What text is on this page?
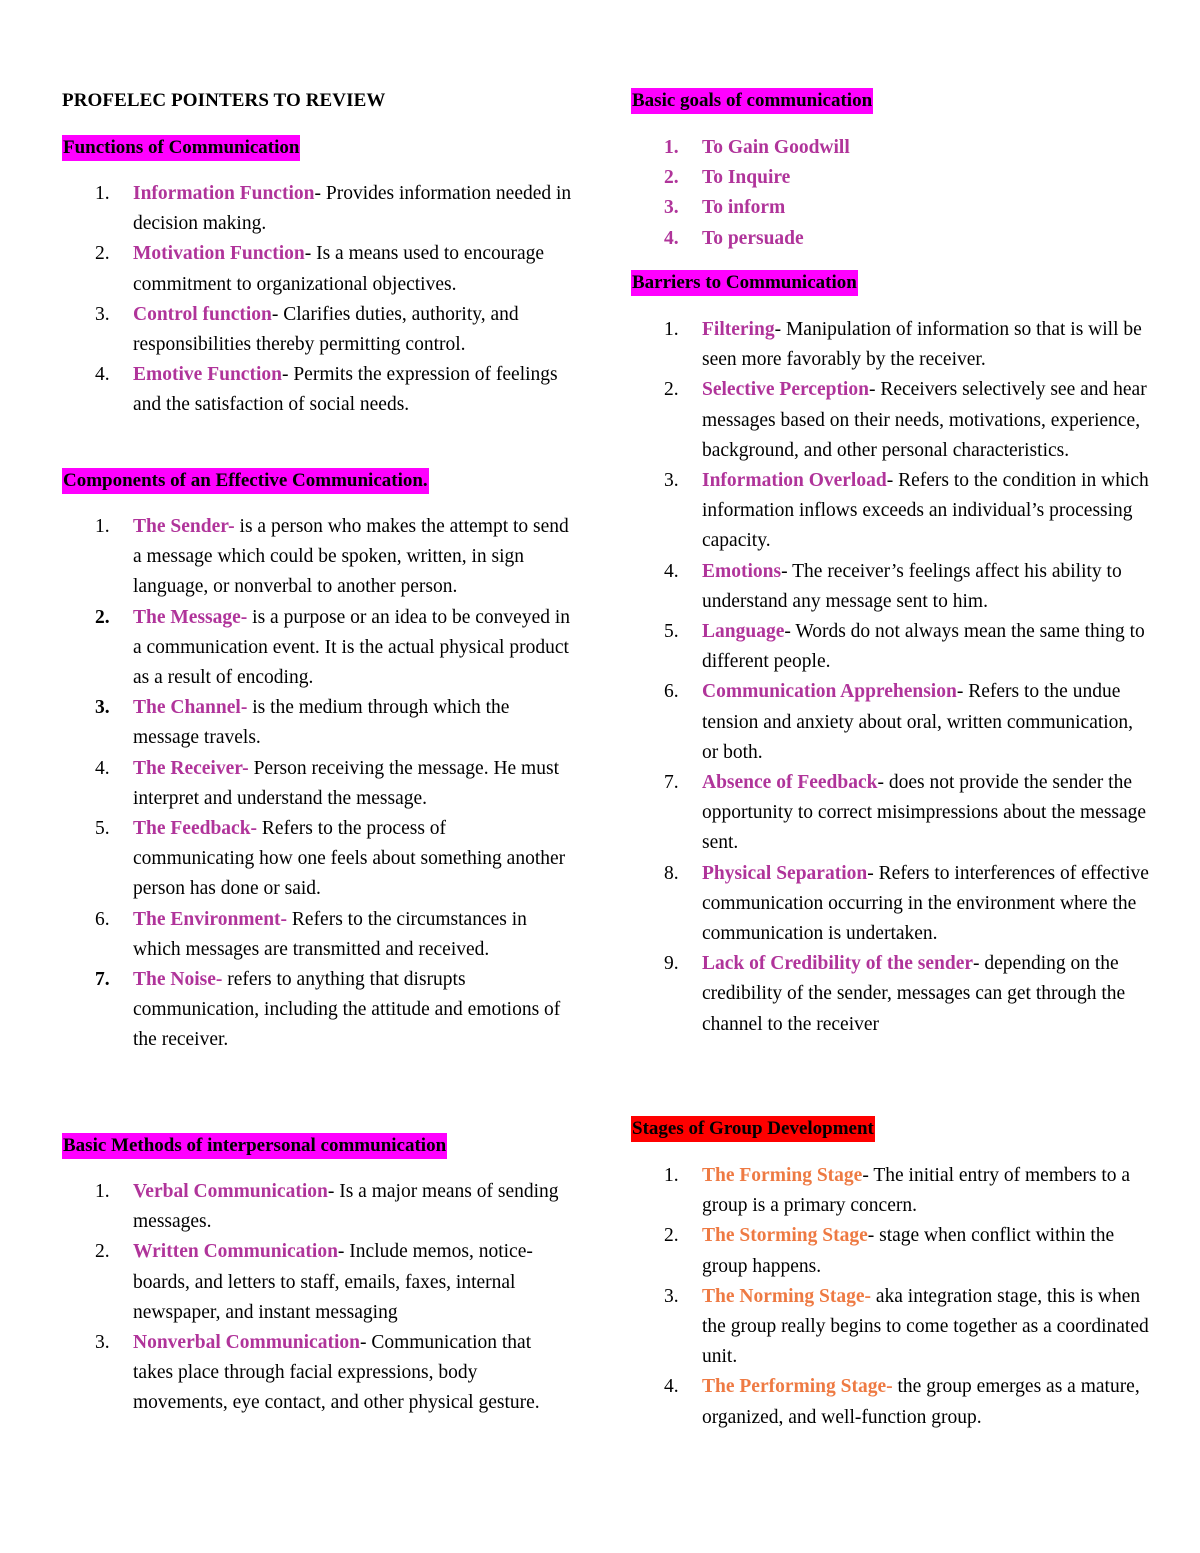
PROFELEC POINTERS TO REVIEW
Functions of Communication
1.	Information Function- Provides information needed in decision making.
2.	Motivation Function- Is a means used to encourage commitment to organizational objectives.
3.	Control function- Clarifies duties, authority, and responsibilities thereby permitting control.
4.	Emotive Function- Permits the expression of feelings and the satisfaction of social needs.
Components of an Effective Communication.
1.	The Sender- is a person who makes the attempt to send a message which could be spoken, written, in sign language, or nonverbal to another person.
2.	The Message- is a purpose or an idea to be conveyed in a communication event. It is the actual physical product as a result of encoding.
3.	The Channel- is the medium through which the message travels.
4.	The Receiver- Person receiving the message. He must interpret and understand the message.
5.	The Feedback- Refers to the process of communicating how one feels about something another person has done or said.
6.	The Environment- Refers to the circumstances in which messages are transmitted and received.
7.	The Noise- refers to anything that disrupts communication, including the attitude and emotions of the receiver.
Basic Methods of interpersonal communication
1.	Verbal Communication- Is a major means of sending messages.
2.	Written Communication- Include memos, notice-boards, and letters to staff, emails, faxes, internal newspaper, and instant messaging
3.	Nonverbal Communication- Communication that takes place through facial expressions, body movements, eye contact, and other physical gesture.
Basic goals of communication
1.	To Gain Goodwill
2.	To Inquire
3.	To inform
4.	To persuade
Barriers to Communication
1.	Filtering- Manipulation of information so that is will be seen more favorably by the receiver.
2.	Selective Perception- Receivers selectively see and hear messages based on their needs, motivations, experience, background, and other personal characteristics.
3.	Information Overload- Refers to the condition in which information inflows exceeds an individual’s processing capacity.
4.	Emotions- The receiver’s feelings affect his ability to understand any message sent to him.
5.	Language- Words do not always mean the same thing to different people.
6.	Communication Apprehension- Refers to the undue tension and anxiety about oral, written communication, or both.
7.	Absence of Feedback- does not provide the sender the opportunity to correct misimpressions about the message sent.
8.	Physical Separation- Refers to interferences of effective communication occurring in the environment where the communication is undertaken.
9.	Lack of Credibility of the sender- depending on the credibility of the sender, messages can get through the channel to the receiver
Stages of Group Development
1.	The Forming Stage- The initial entry of members to a group is a primary concern.
2.	The Storming Stage- stage when conflict within the group happens.
3.	The Norming Stage- aka integration stage, this is when the group really begins to come together as a coordinated unit.
4.	The Performing Stage- the group emerges as a mature, organized, and well-function group.
